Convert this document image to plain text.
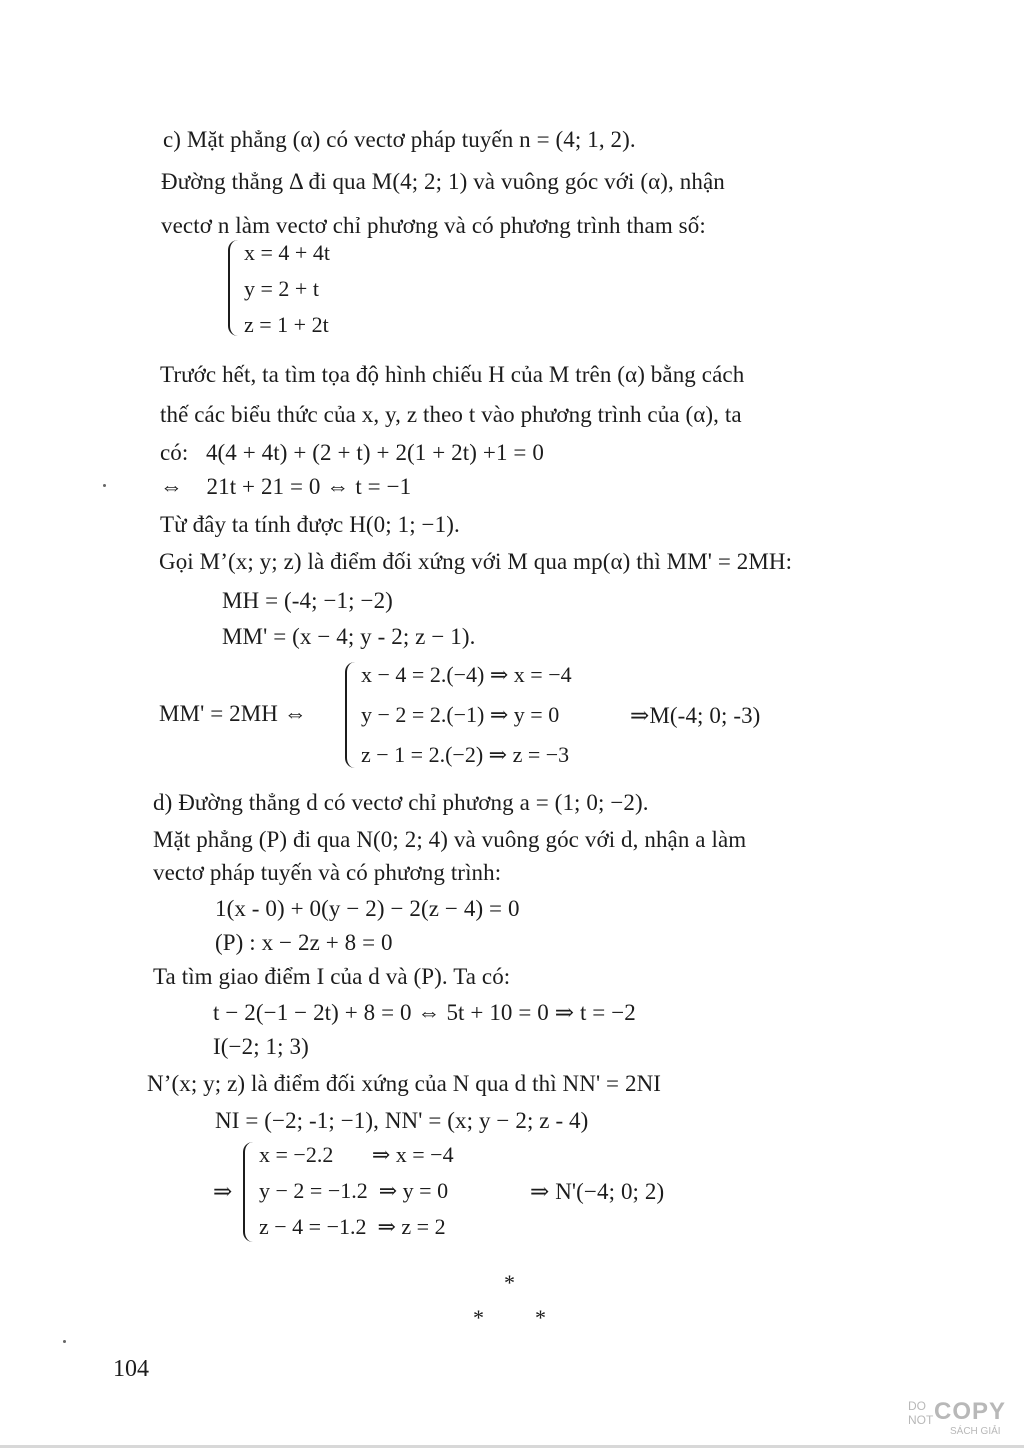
c) Mặt phẳng (α) có vectơ pháp tuyến n = (4; 1, 2).
Đường thẳng Δ đi qua M(4; 2; 1) và vuông góc với (α), nhận
vectơ n làm vectơ chỉ phương và có phương trình tham số:
x = 4 + 4t
y = 2 + t
z = 1 + 2t
Trước hết, ta tìm tọa độ hình chiếu H của M trên (α) bằng cách
thế các biểu thức của x, y, z theo t vào phương trình của (α), ta
có:   4(4 + 4t) + (2 + t) + 2(1 + 2t) +1 = 0
⇔    21t + 21 = 0 ⇔ t = −1
Từ đây ta tính được H(0; 1; −1).
Gọi M’(x; y; z) là điểm đối xứng với M qua mp(α) thì MM' = 2MH:
MH = (-4; −1; −2)
MM' = (x − 4; y - 2; z − 1).
MM' = 2MH ⇔
x − 4 = 2.(−4) ⇒ x = −4
y − 2 = 2.(−1) ⇒ y = 0
z − 1 = 2.(−2) ⇒ z = −3
⇒M(-4; 0; -3)
d) Đường thẳng d có vectơ chỉ phương a = (1; 0; −2).
Mặt phẳng (P) đi qua N(0; 2; 4) và vuông góc với d, nhận a làm
vectơ pháp tuyến và có phương trình:
1(x - 0) + 0(y − 2) − 2(z − 4) = 0
(P) : x − 2z + 8 = 0
Ta tìm giao điểm I của d và (P). Ta có:
t − 2(−1 − 2t) + 8 = 0 ⇔ 5t + 10 = 0 ⇒ t = −2
I(−2; 1; 3)
N’(x; y; z) là điểm đối xứng của N qua d thì NN' = 2NI
NI = (−2; -1; −1), NN' = (x; y − 2; z - 4)
⇒
x = −2.2       ⇒ x = −4
y − 2 = −1.2  ⇒ y = 0
z − 4 = −1.2  ⇒ z = 2
⇒ N'(−4; 0; 2)
*
* *
104
DO
NOT COPY
SÁCH GIẢI
